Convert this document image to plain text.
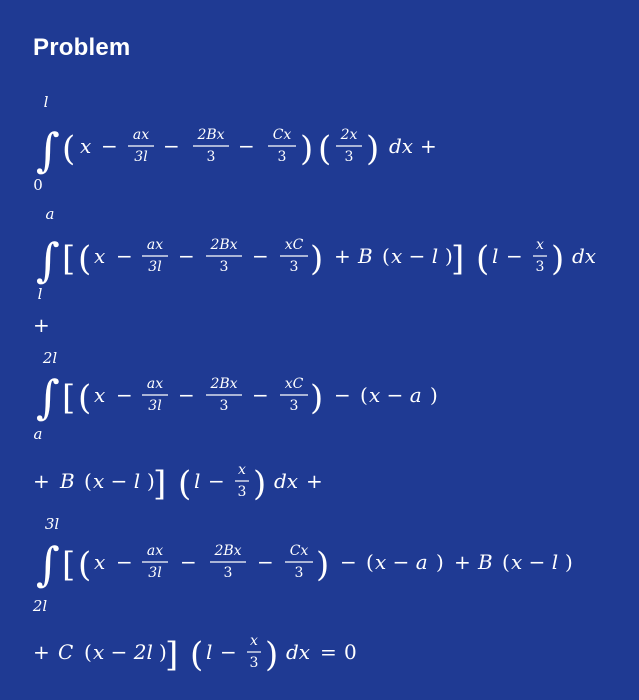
Problem
l
∫
0
( x − ax
3l − 2Bx
3 − Cx
3 ) ( 2x
3 ) dx +
a
∫
l
[ ( x − ax
3l − 2Bx
3 − xC
3 ) + B ( x − l )
] ( l − x
3 ) dx
+
2l
∫
a
[ ( x − ax
3l − 2Bx
3 − xC
3 ) − ( x − a )
+ B ( x − l )
] ( l − x
3 ) dx +
3l
∫
2l
[ ( x − ax
3l − 2Bx
3 − Cx
3 ) − ( x − a ) + B ( x − l )
+ C ( x − 2l )
] ( l − x
3 ) dx = 0
